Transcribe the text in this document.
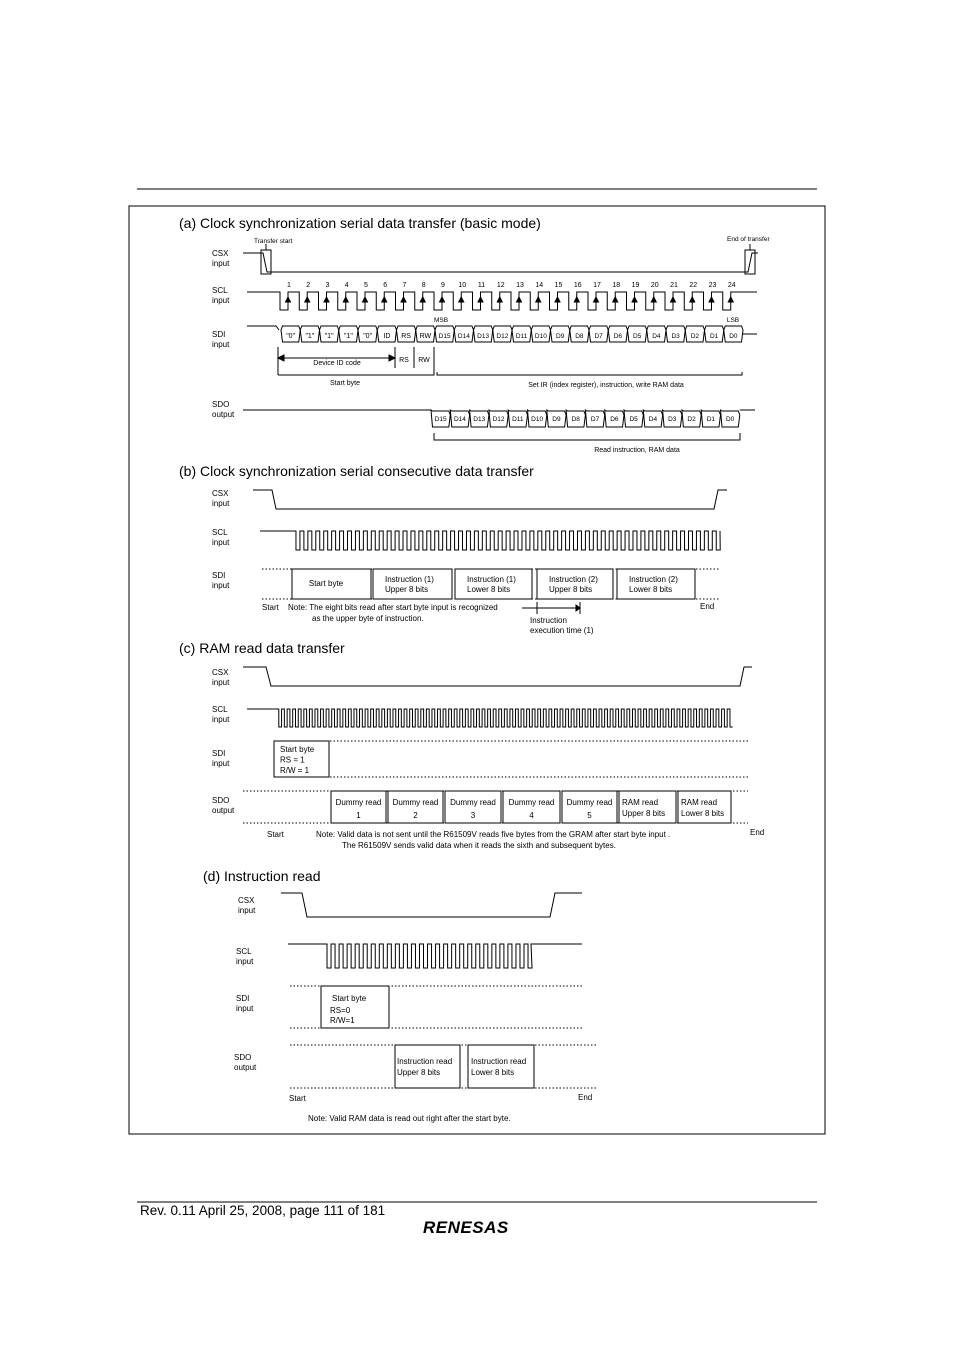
Rev. 0.11 April 25, 2008, page 111 of 181
RENESAS
(a) Clock synchronization serial data transfer (basic mode)
Transfer start	End of transfer
CSX
input
SCL
input
SDI
input
SDO
output
1 2 3 4 5 6 7 8 9 10 11 12 13 14 15 16 17 18 19 20 21 22 23 24
"0" "1" "1" "1" "0" ID RS RW D15 D14 D13 D12 D11 D10 D9 D8 D7 D6 D5 D4 D3 D2 D1 D0
MSB	LSB
Device ID code	RS RW
Start byte	Set IR (index register), instruction, write RAM data
D15 D14 D13 D12 D11 D10 D9 D8 D7 D6 D5 D4 D3 D2 D1 D0
Read instruction, RAM data
(b) Clock synchronization serial consecutive data transfer
CSX
input
SCL
input
SDI
input	Start byte	Instruction (1)
Upper 8 bits
Instruction (1)
Lower 8 bits
Instruction (2)
Upper 8 bits
Instruction (2)
Lower 8 bits
Start	End
Note: The eight bits read after start byte input is recognized
as the upper byte of instruction.	Instruction
execution time (1)
(c) RAM read data transfer
CSX
input
SCL
input
SDI
input
SDO
output
Start byte
RS = 1
R/W = 1
Dummy read
1
Dummy read
2
Dummy read
3
Dummy read
4
Dummy read
5
RAM read
Upper 8 bits
RAM read
Lower 8 bits
Start	End
Note: Valid data is not sent until the R61509V reads five bytes from the GRAM after start byte input .
The R61509V sends valid data when it reads the sixth and subsequent bytes.
(d) Instruction read
CSX
input
SCL
input
SDI
input
SDO
output
Start byte
RS=0
R/W=1
Instruction read
Upper 8 bits
Instruction read
Lower 8 bits
Start	End
Note: Valid RAM data is read out right after the start byte.
